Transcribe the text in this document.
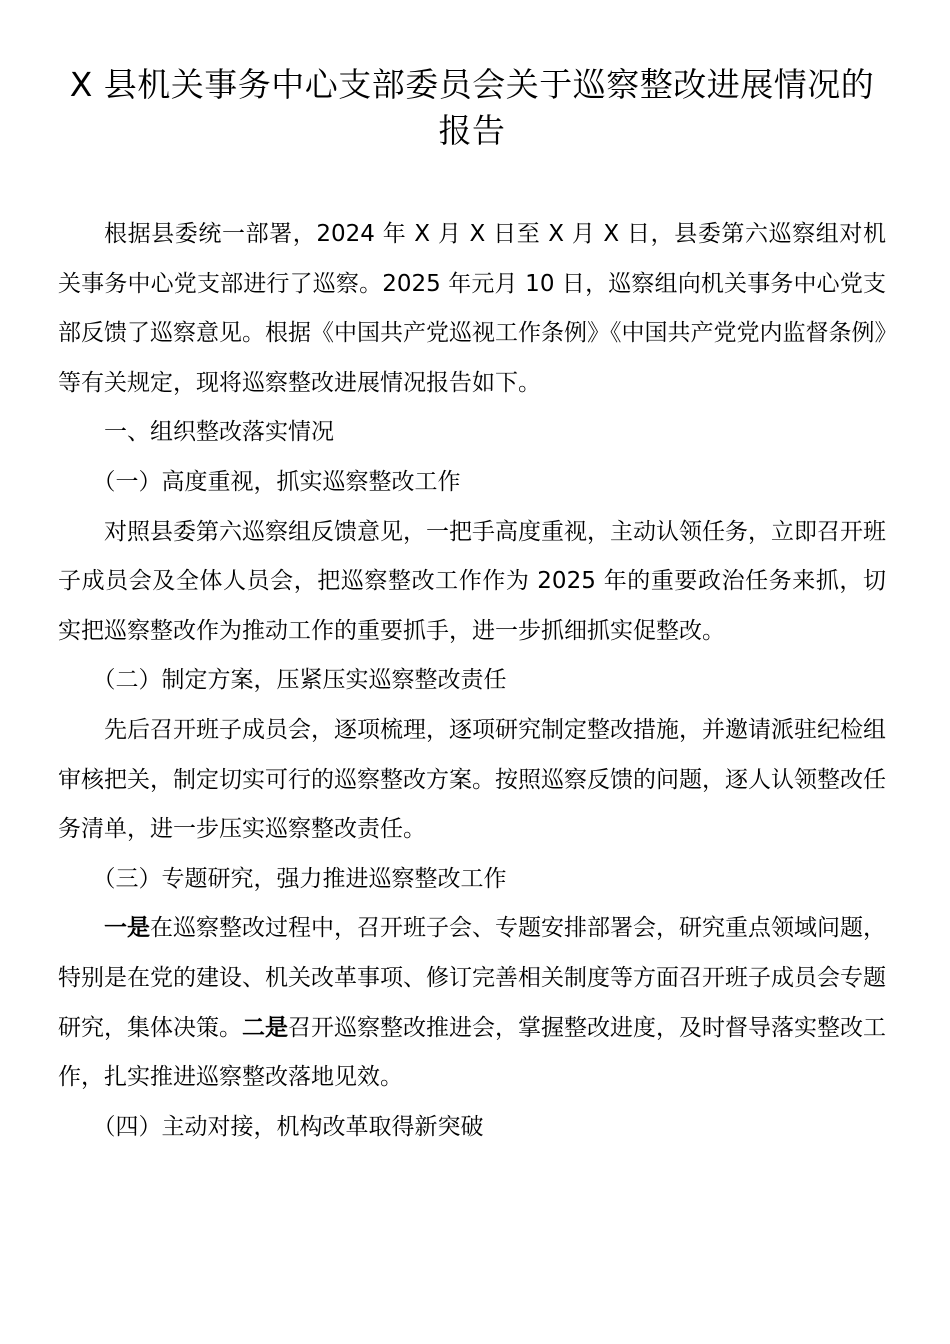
X 县机关事务中心支部委员会关于巡察整改进展情况的报告

根据县委统一部署，2024 年 X 月 X 日至 X 月 X 日，县委第六巡察组对机关事务中心党支部进行了巡察。2025 年元月 10 日，巡察组向机关事务中心党支部反馈了巡察意见。根据《中国共产党巡视工作条例》《中国共产党党内监督条例》等有关规定，现将巡察整改进展情况报告如下。

一、组织整改落实情况

（一）高度重视，抓实巡察整改工作

对照县委第六巡察组反馈意见，一把手高度重视，主动认领任务，立即召开班子成员会及全体人员会，把巡察整改工作作为 2025 年的重要政治任务来抓，切实把巡察整改作为推动工作的重要抓手，进一步抓细抓实促整改。

（二）制定方案，压紧压实巡察整改责任

先后召开班子成员会，逐项梳理，逐项研究制定整改措施，并邀请派驻纪检组审核把关，制定切实可行的巡察整改方案。按照巡察反馈的问题，逐人认领整改任务清单，进一步压实巡察整改责任。

（三）专题研究，强力推进巡察整改工作

一是在巡察整改过程中，召开班子会、专题安排部署会，研究重点领域问题，特别是在党的建设、机关改革事项、修订完善相关制度等方面召开班子成员会专题研究，集体决策。二是召开巡察整改推进会，掌握整改进度，及时督导落实整改工作，扎实推进巡察整改落地见效。

（四）主动对接，机构改革取得新突破
